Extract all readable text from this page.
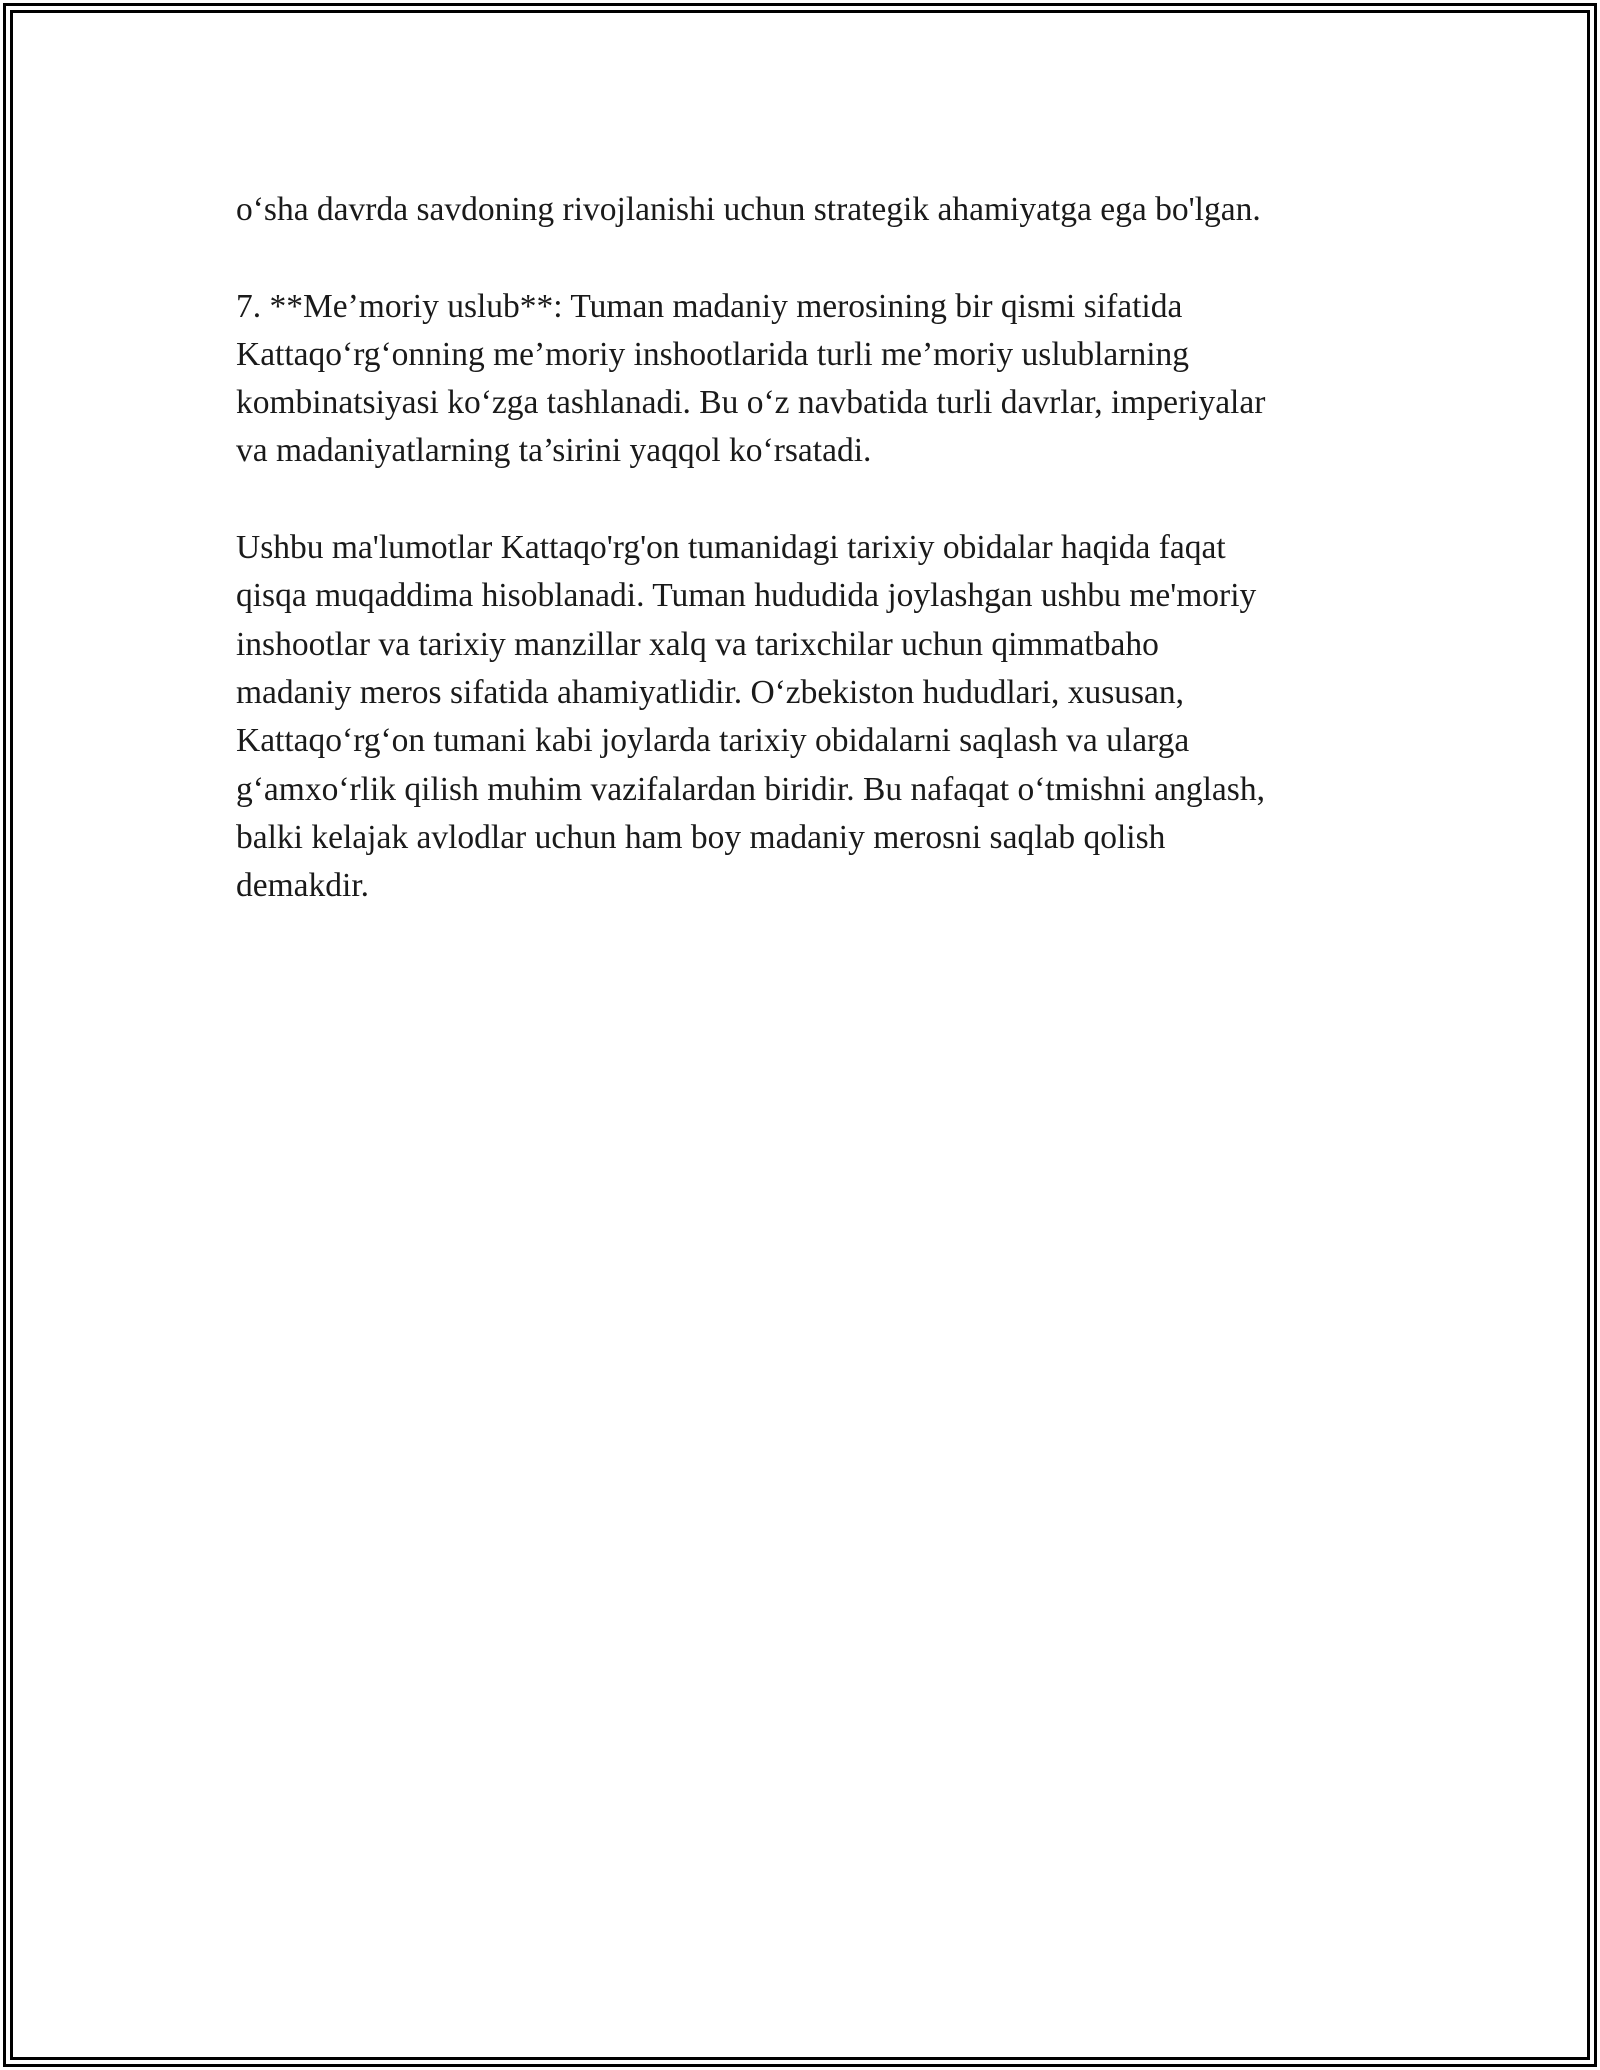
o‘sha davrda savdoning rivojlanishi uchun strategik ahamiyatga ega bo'lgan.

7. **Me’moriy uslub**: Tuman madaniy merosining bir qismi sifatida
Kattaqo‘rg‘onning me’moriy inshootlarida turli me’moriy uslublarning
kombinatsiyasi ko‘zga tashlanadi. Bu o‘z navbatida turli davrlar, imperiyalar
va madaniyatlarning ta’sirini yaqqol ko‘rsatadi.

Ushbu ma'lumotlar Kattaqo'rg'on tumanidagi tarixiy obidalar haqida faqat
qisqa muqaddima hisoblanadi. Tuman hududida joylashgan ushbu me'moriy
inshootlar va tarixiy manzillar xalq va tarixchilar uchun qimmatbaho
madaniy meros sifatida ahamiyatlidir. O‘zbekiston hududlari, xususan,
Kattaqo‘rg‘on tumani kabi joylarda tarixiy obidalarni saqlash va ularga
g‘amxo‘rlik qilish muhim vazifalardan biridir. Bu nafaqat o‘tmishni anglash,
balki kelajak avlodlar uchun ham boy madaniy merosni saqlab qolish
demakdir.
